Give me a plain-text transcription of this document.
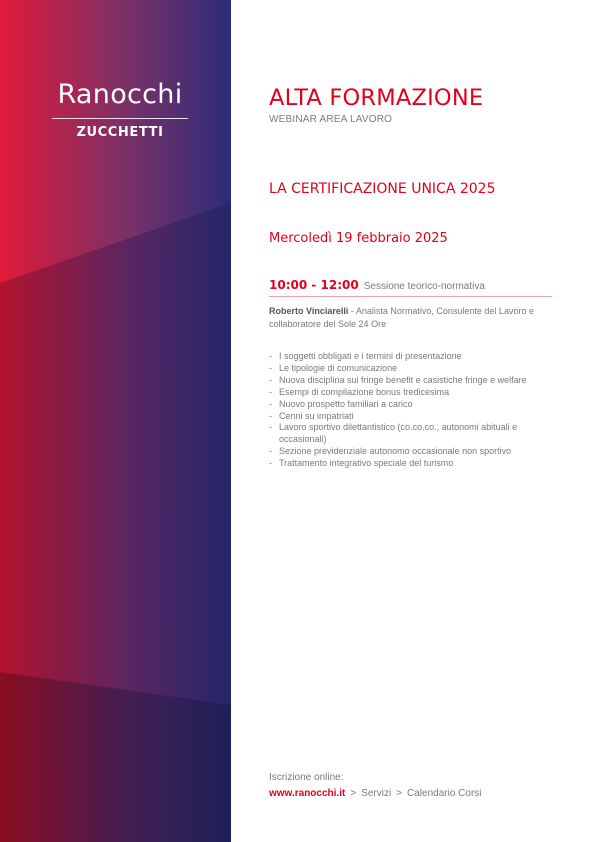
Ranocchi
ZUCCHETTI
ALTA FORMAZIONE
WEBINAR AREA LAVORO
LA CERTIFICAZIONE UNICA 2025
Mercoledì 19 febbraio 2025
10:00 - 12:00 Sessione teorico-normativa
Roberto Vinciarelli - Analista Normativo, Consulente del Lavoro e collaboratore del Sole 24 Ore
- I soggetti obbligati e i termini di presentazione
- Le tipologie di comunicazione
- Nuova disciplina sui fringe benefit e casistiche fringe e welfare
- Esempi di compilazione bonus tredicesima
- Nuovo prospetto familiari a carico
- Cenni su impatriati
- Lavoro sportivo dilettantistico (co.co.co., autonomi abituali e occasionali)
- Sezione previdenziale autonomo occasionale non sportivo
- Trattamento integrativo speciale del turismo
Iscrizione online:
www.ranocchi.it > Servizi > Calendario Corsi
